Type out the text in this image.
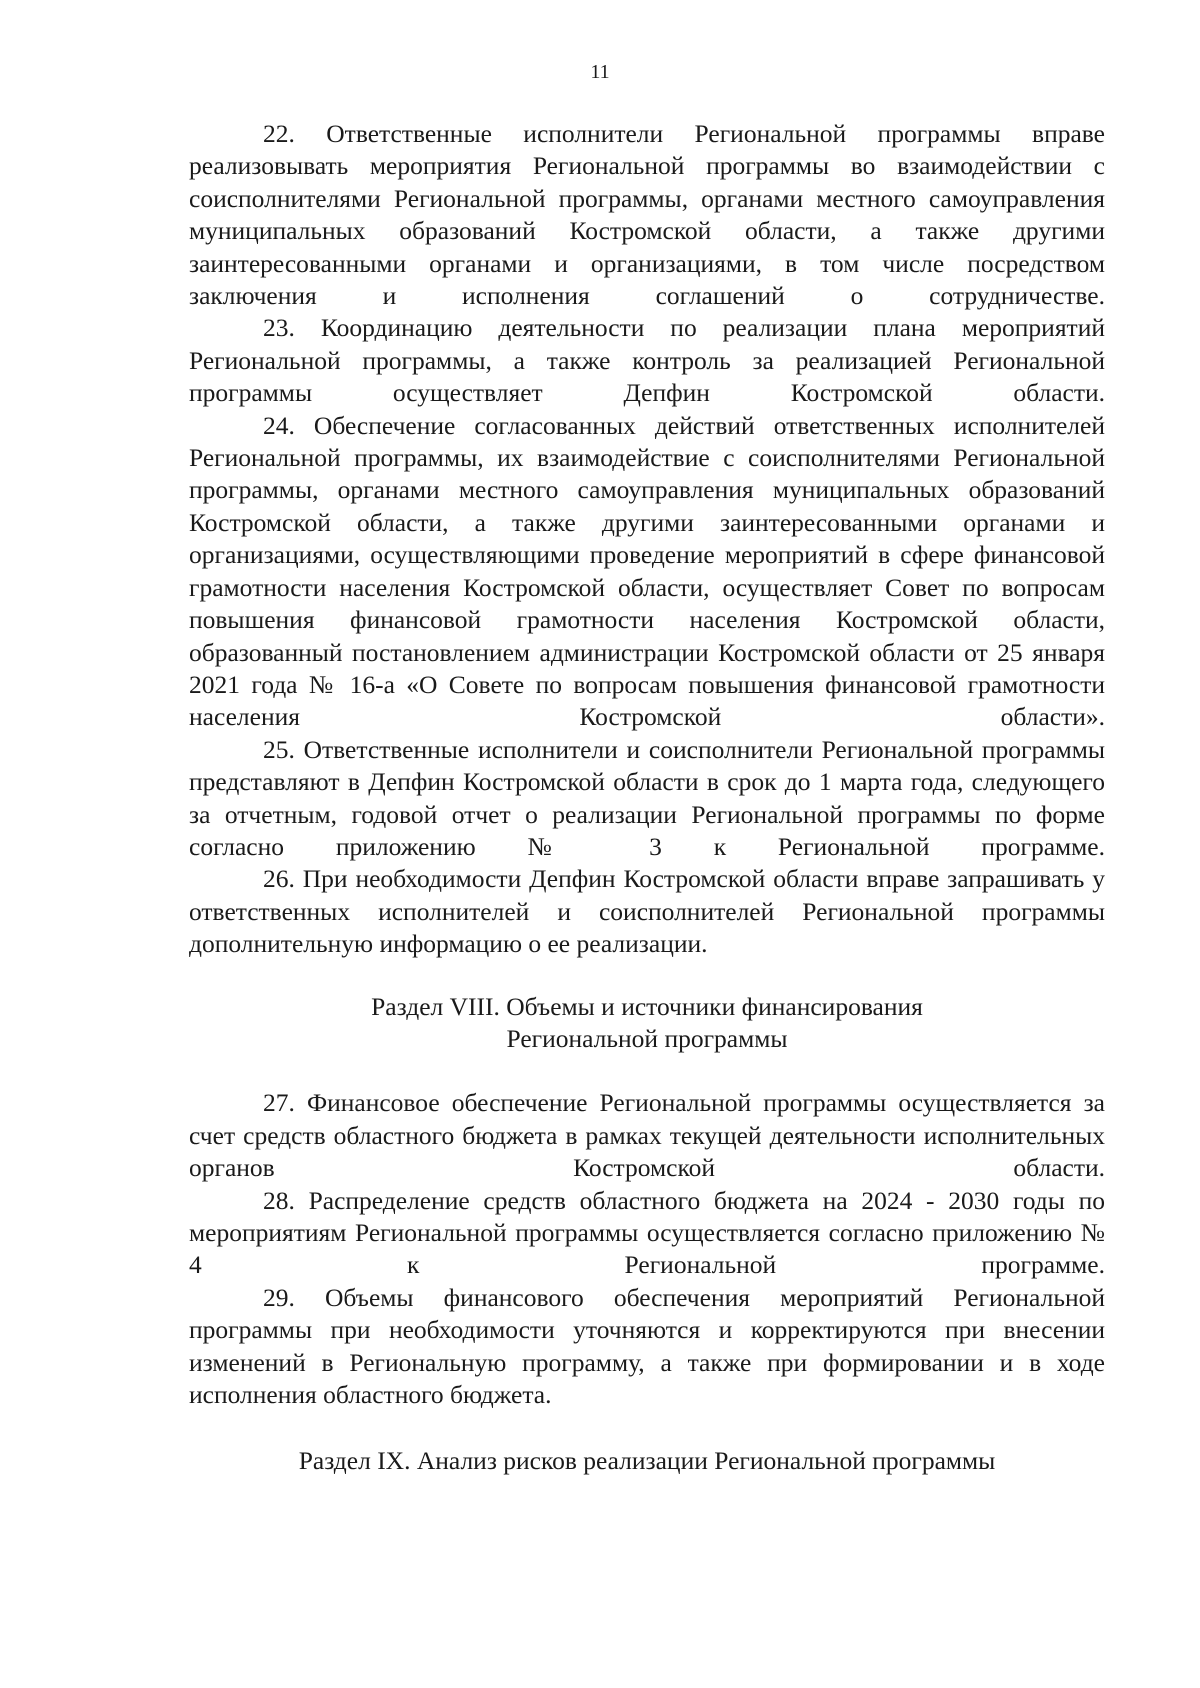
11

22. Ответственные исполнители Региональной программы вправе реализовывать мероприятия Региональной программы во взаимодействии с соисполнителями Региональной программы, органами местного самоуправления муниципальных образований Костромской области, а также другими заинтересованными органами и организациями, в том числе посредством заключения и исполнения соглашений о сотрудничестве.

23. Координацию деятельности по реализации плана мероприятий Региональной программы, а также контроль за реализацией Региональной программы осуществляет Депфин Костромской области.

24. Обеспечение согласованных действий ответственных исполнителей Региональной программы, их взаимодействие с соисполнителями Региональной программы, органами местного самоуправления муниципальных образований Костромской области, а также другими заинтересованными органами и организациями, осуществляющими проведение мероприятий в сфере финансовой грамотности населения Костромской области, осуществляет Совет по вопросам повышения финансовой грамотности населения Костромской области, образованный постановлением администрации Костромской области от 25 января 2021 года № 16-а «О Совете по вопросам повышения финансовой грамотности населения Костромской области».

25. Ответственные исполнители и соисполнители Региональной программы представляют в Депфин Костромской области в срок до 1 марта года, следующего за отчетным, годовой отчет о реализации Региональной программы по форме согласно приложению № 3 к Региональной программе.

26. При необходимости Депфин Костромской области вправе запрашивать у ответственных исполнителей и соисполнителей Региональной программы дополнительную информацию о ее реализации.

Раздел VIII. Объемы и источники финансирования

Региональной программы

27. Финансовое обеспечение Региональной программы осуществляется за счет средств областного бюджета в рамках текущей деятельности исполнительных органов Костромской области.

28. Распределение средств областного бюджета на 2024 - 2030 годы по мероприятиям Региональной программы осуществляется согласно приложению № 4 к Региональной программе.

29. Объемы финансового обеспечения мероприятий Региональной программы при необходимости уточняются и корректируются при внесении изменений в Региональную программу, а также при формировании и в ходе исполнения областного бюджета.

Раздел IX. Анализ рисков реализации Региональной программы
